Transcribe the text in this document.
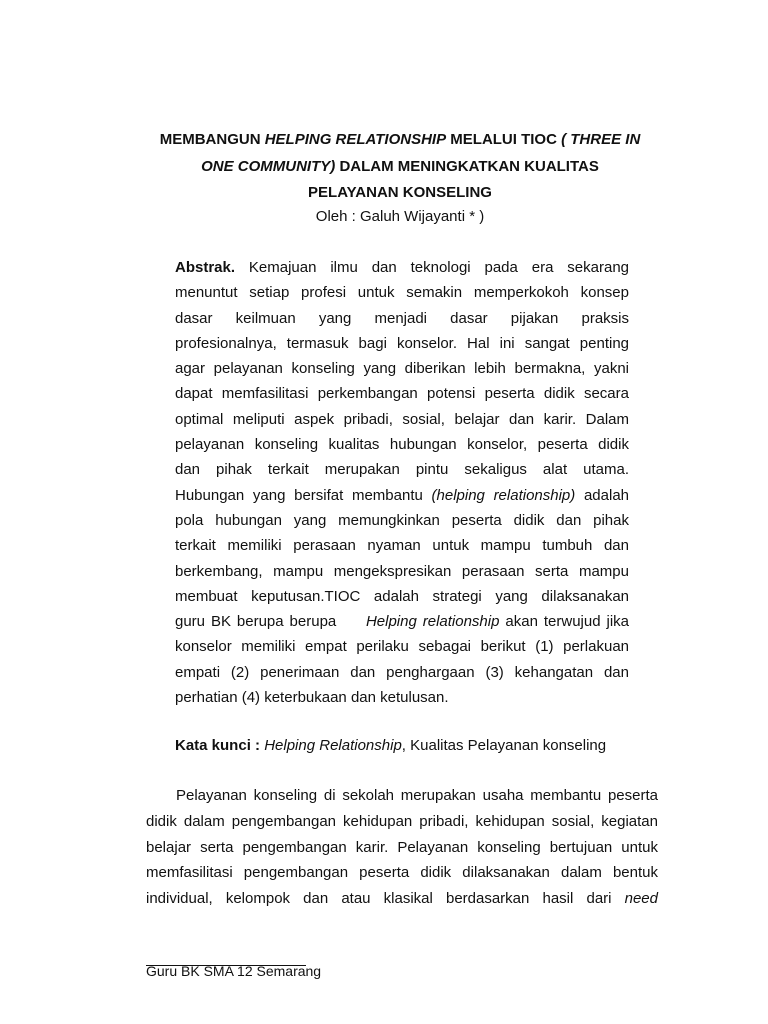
MEMBANGUN HELPING RELATIONSHIP MELALUI TIOC ( THREE IN
ONE COMMUNITY) DALAM MENINGKATKAN KUALITAS
PELAYANAN KONSELING
Oleh : Galuh Wijayanti * )
Abstrak. Kemajuan ilmu dan teknologi pada era sekarang
menuntut setiap profesi untuk semakin memperkokoh konsep
dasar keilmuan yang menjadi dasar pijakan praksis
profesionalnya, termasuk bagi konselor. Hal ini sangat penting
agar pelayanan konseling yang diberikan lebih bermakna, yakni
dapat memfasilitasi perkembangan potensi peserta didik secara
optimal meliputi aspek pribadi, sosial, belajar dan karir. Dalam
pelayanan konseling kualitas hubungan konselor, peserta didik
dan pihak terkait merupakan pintu sekaligus alat utama.
Hubungan yang bersifat membantu (helping relationship) adalah
pola hubungan yang memungkinkan peserta didik dan pihak
terkait memiliki perasaan nyaman untuk mampu tumbuh dan
berkembang, mampu mengekspresikan perasaan serta mampu
membuat keputusan.TIOC adalah strategi yang dilaksanakan
guru BK berupa berupa     Helping relationship akan terwujud jika
konselor memiliki empat perilaku sebagai berikut (1) perlakuan
empati (2) penerimaan dan penghargaan (3) kehangatan dan
perhatian (4) keterbukaan dan ketulusan.
Kata kunci : Helping Relationship, Kualitas Pelayanan konseling
Pelayanan konseling di sekolah merupakan usaha membantu peserta
didik dalam pengembangan kehidupan pribadi, kehidupan sosial, kegiatan
belajar serta pengembangan karir. Pelayanan konseling bertujuan untuk
memfasilitasi pengembangan peserta didik dilaksanakan dalam bentuk
individual, kelompok dan atau klasikal berdasarkan hasil dari need
Guru BK SMA 12 Semarang
